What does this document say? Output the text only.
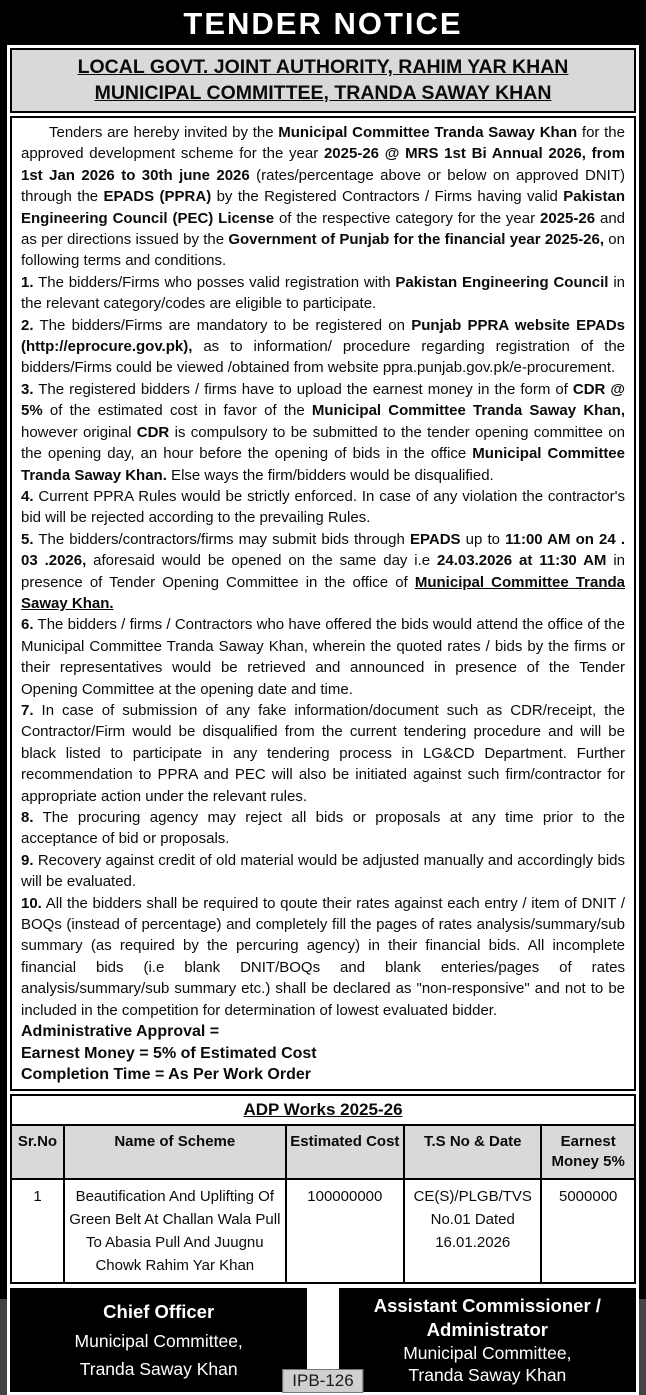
TENDER NOTICE
LOCAL GOVT. JOINT AUTHORITY, RAHIM YAR KHAN
MUNICIPAL COMMITTEE, TRANDA SAWAY KHAN

Tenders are hereby invited by the Municipal Committee Tranda Saway Khan for the approved development scheme for the year 2025-26 @ MRS 1st Bi Annual 2026, from 1st Jan 2026 to 30th june 2026 (rates/percentage above or below on approved DNIT) through the EPADS (PPRA) by the Registered Contractors / Firms having valid Pakistan Engineering Council (PEC) License of the respective category for the year 2025-26 and as per directions issued by the Government of Punjab for the financial year 2025-26, on following terms and conditions.

1. The bidders/Firms who posses valid registration with Pakistan Engineering Council in the relevant category/codes are eligible to participate.

2. The bidders/Firms are mandatory to be registered on Punjab PPRA website EPADs (http://eprocure.gov.pk), as to information/ procedure regarding registration of the bidders/Firms could be viewed /obtained from website ppra.punjab.gov.pk/e-procurement.

3. The registered bidders / firms have to upload the earnest money in the form of CDR @ 5% of the estimated cost in favor of the Municipal Committee Tranda Saway Khan, however original CDR is compulsory to be submitted to the tender opening committee on the opening day, an hour before the opening of bids in the office Municipal Committee Tranda Saway Khan. Else ways the firm/bidders would be disqualified.

4. Current PPRA Rules would be strictly enforced. In case of any violation the contractor's bid will be rejected according to the prevailing Rules.

5. The bidders/contractors/firms may submit bids through EPADS up to 11:00 AM on 24 . 03 .2026, aforesaid would be opened on the same day i.e 24.03.2026 at 11:30 AM in presence of Tender Opening Committee in the office of Municipal Committee Tranda Saway Khan.

6. The bidders / firms / Contractors who have offered the bids would attend the office of the Municipal Committee Tranda Saway Khan, wherein the quoted rates / bids by the firms or their representatives would be retrieved and announced in presence of the Tender Opening Committee at the opening date and time.

7. In case of submission of any fake information/document such as CDR/receipt, the Contractor/Firm would be disqualified from the current tendering procedure and will be black listed to participate in any tendering process in LG&CD Department. Further recommendation to PPRA and PEC will also be initiated against such firm/contractor for appropriate action under the relevant rules.

8. The procuring agency may reject all bids or proposals at any time prior to the acceptance of bid or proposals.

9. Recovery against credit of old material would be adjusted manually and accordingly bids will be evaluated.

10. All the bidders shall be required to qoute their rates against each entry / item of DNIT / BOQs (instead of percentage) and completely fill the pages of rates analysis/summary/sub summary (as required by the percuring agency) in their financial bids. All incomplete financial bids (i.e blank DNIT/BOQs and blank enteries/pages of rates analysis/summary/sub summary etc.) shall be declared as "non-responsive" and not to be included in the competition for determination of lowest evaluated bidder.

Administrative Approval =

Earnest Money = 5% of Estimated Cost

Completion Time = As Per Work Order

ADP Works 2025-26				
Sr.No	Name of Scheme	Estimated Cost	T.S No & Date	Earnest Money 5%
1	Beautification And Uplifting Of Green Belt At Challan Wala Pull To Abasia Pull And Juugnu Chowk Rahim Yar Khan	100000000	CE(S)/PLGB/TVS No.01 Dated 16.01.2026	5000000
Chief Officer
Municipal Committee,
Tranda Saway Khan
Assistant Commissioner / Administrator
Municipal Committee,
Tranda Saway Khan
IPB-126
